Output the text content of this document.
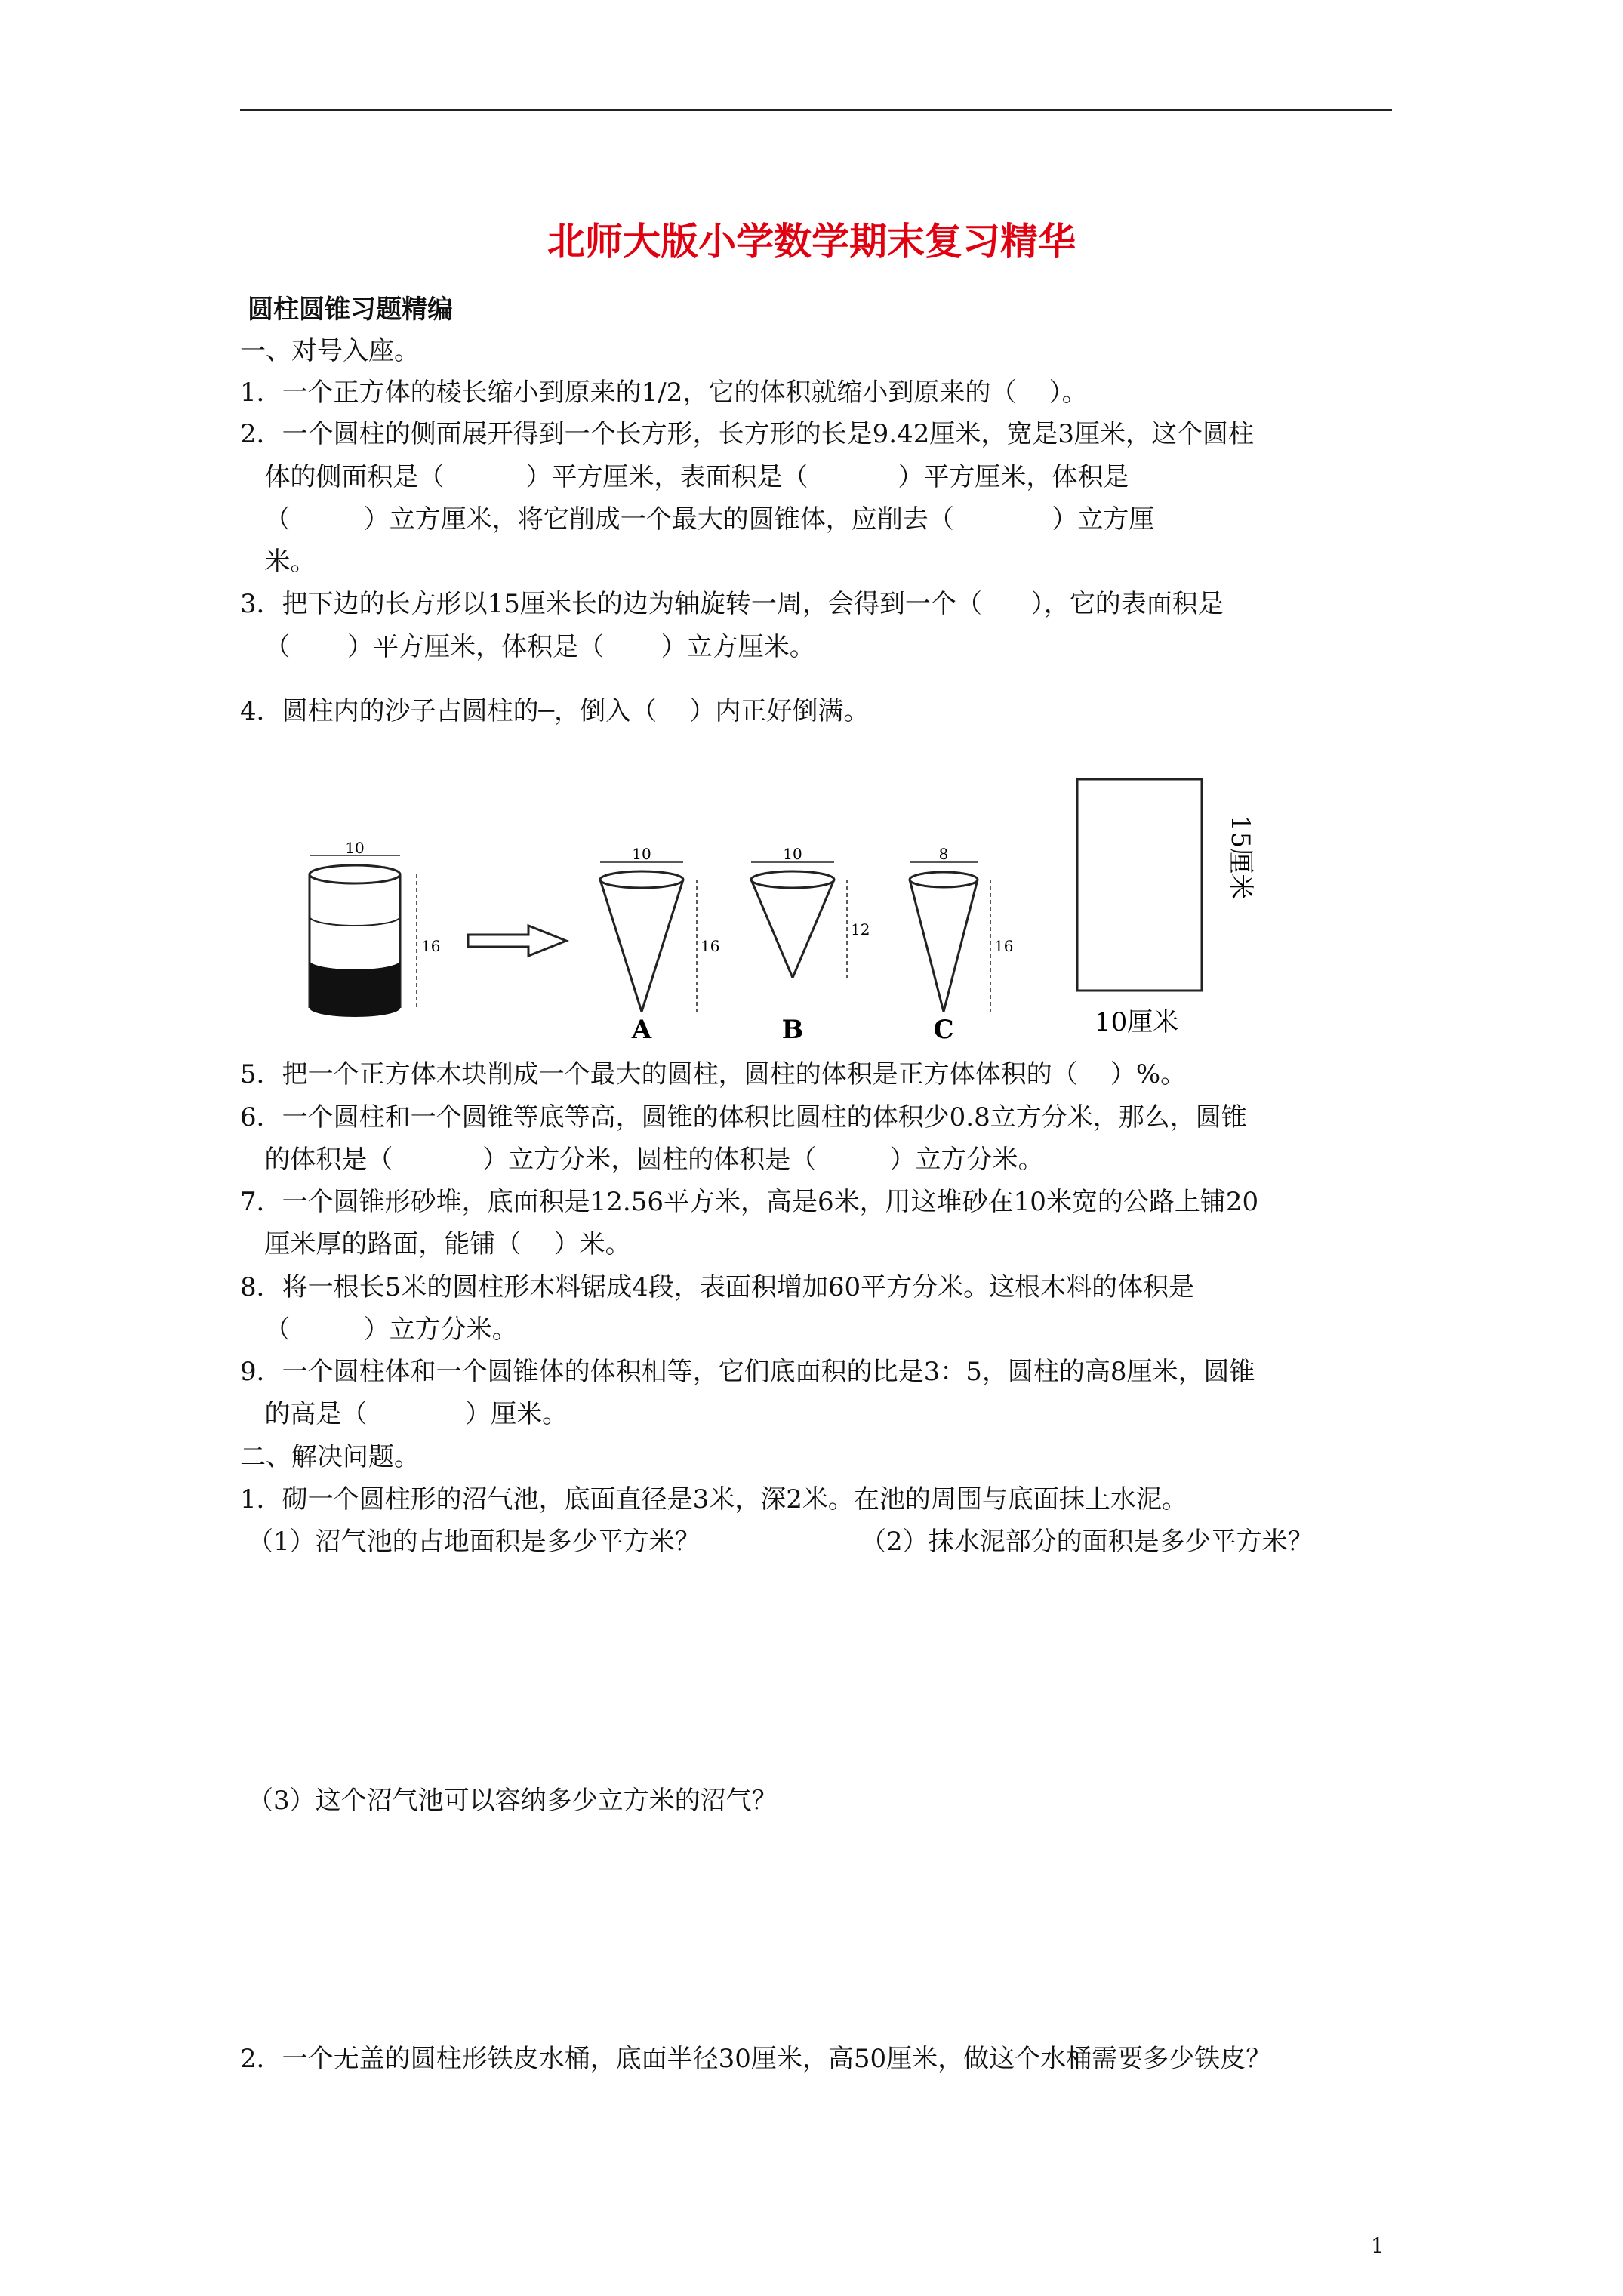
北师大版小学数学期末复习精华
圆柱圆锥习题精编
一、对号入座。
1．一个正方体的棱长缩小到原来的1/2，它的体积就缩小到原来的（    ）。
2．一个圆柱的侧面展开得到一个长方形，长方形的长是9.42厘米，宽是3厘米，这个圆柱
体的侧面积是（          ）平方厘米，表面积是（           ）平方厘米，体积是
（         ）立方厘米，将它削成一个最大的圆锥体，应削去（            ）立方厘
米。
3．把下边的长方形以15厘米长的边为轴旋转一周，会得到一个（      ），它的表面积是
（       ）平方厘米，体积是（       ）立方厘米。
4．圆柱内的沙子占圆柱的─，倒入（    ）内正好倒满。
10
16
10
16
A
10
12
B
8
16
C
15厘米
10厘米
5．把一个正方体木块削成一个最大的圆柱，圆柱的体积是正方体体积的（    ）%。
6．一个圆柱和一个圆锥等底等高，圆锥的体积比圆柱的体积少0.8立方分米，那么，圆锥
的体积是（           ）立方分米，圆柱的体积是（         ）立方分米。
7．一个圆锥形砂堆，底面积是12.56平方米，高是6米，用这堆砂在10米宽的公路上铺20
厘米厚的路面，能铺（    ）米。
8．将一根长5米的圆柱形木料锯成4段，表面积增加60平方分米。这根木料的体积是
（         ）立方分米。
9．一个圆柱体和一个圆锥体的体积相等，它们底面积的比是3：5，圆柱的高8厘米，圆锥
的高是（            ）厘米。
二、解决问题。
1．砌一个圆柱形的沼气池，底面直径是3米，深2米。在池的周围与底面抹上水泥。
（1）沼气池的占地面积是多少平方米？	（2）抹水泥部分的面积是多少平方米？
（3）这个沼气池可以容纳多少立方米的沼气？
2．一个无盖的圆柱形铁皮水桶，底面半径30厘米，高50厘米，做这个水桶需要多少铁皮？
1
